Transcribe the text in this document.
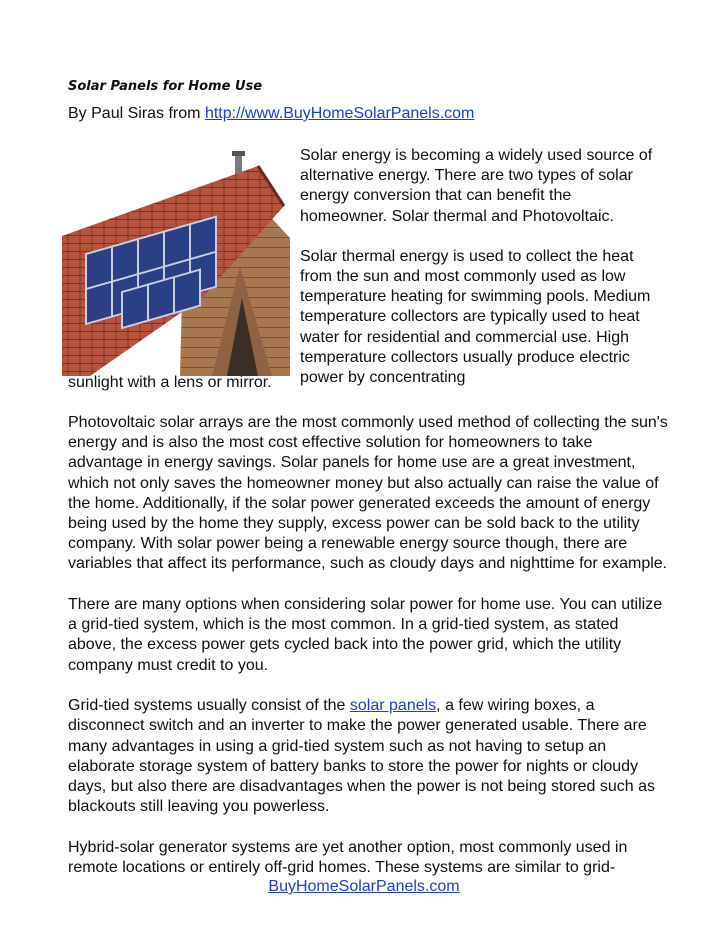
Solar Panels for Home Use
By Paul Siras from http://www.BuyHomeSolarPanels.com

Solar energy is becoming a widely used source of alternative energy. There are two types of solar energy conversion that can benefit the homeowner. Solar thermal and Photovoltaic.

Solar thermal energy is used to collect the heat from the sun and most commonly used as low temperature heating for swimming pools. Medium temperature collectors are typically used to heat water for residential and commercial use. High temperature collectors usually produce electric power by concentrating

sunlight with a lens or mirror.

Photovoltaic solar arrays are the most commonly used method of collecting the sun's energy and is also the most cost effective solution for homeowners to take advantage in energy savings. Solar panels for home use are a great investment, which not only saves the homeowner money but also actually can raise the value of the home. Additionally, if the solar power generated exceeds the amount of energy being used by the home they supply, excess power can be sold back to the utility company. With solar power being a renewable energy source though, there are variables that affect its performance, such as cloudy days and nighttime for example.

There are many options when considering solar power for home use. You can utilize a grid-tied system, which is the most common. In a grid-tied system, as stated above, the excess power gets cycled back into the power grid, which the utility company must credit to you.

Grid-tied systems usually consist of the solar panels, a few wiring boxes, a disconnect switch and an inverter to make the power generated usable. There are many advantages in using a grid-tied system such as not having to setup an elaborate storage system of battery banks to store the power for nights or cloudy days, but also there are disadvantages when the power is not being stored such as blackouts still leaving you powerless.

Hybrid-solar generator systems are yet another option, most commonly used in remote locations or entirely off-grid homes. These systems are similar to grid-

BuyHomeSolarPanels.com
